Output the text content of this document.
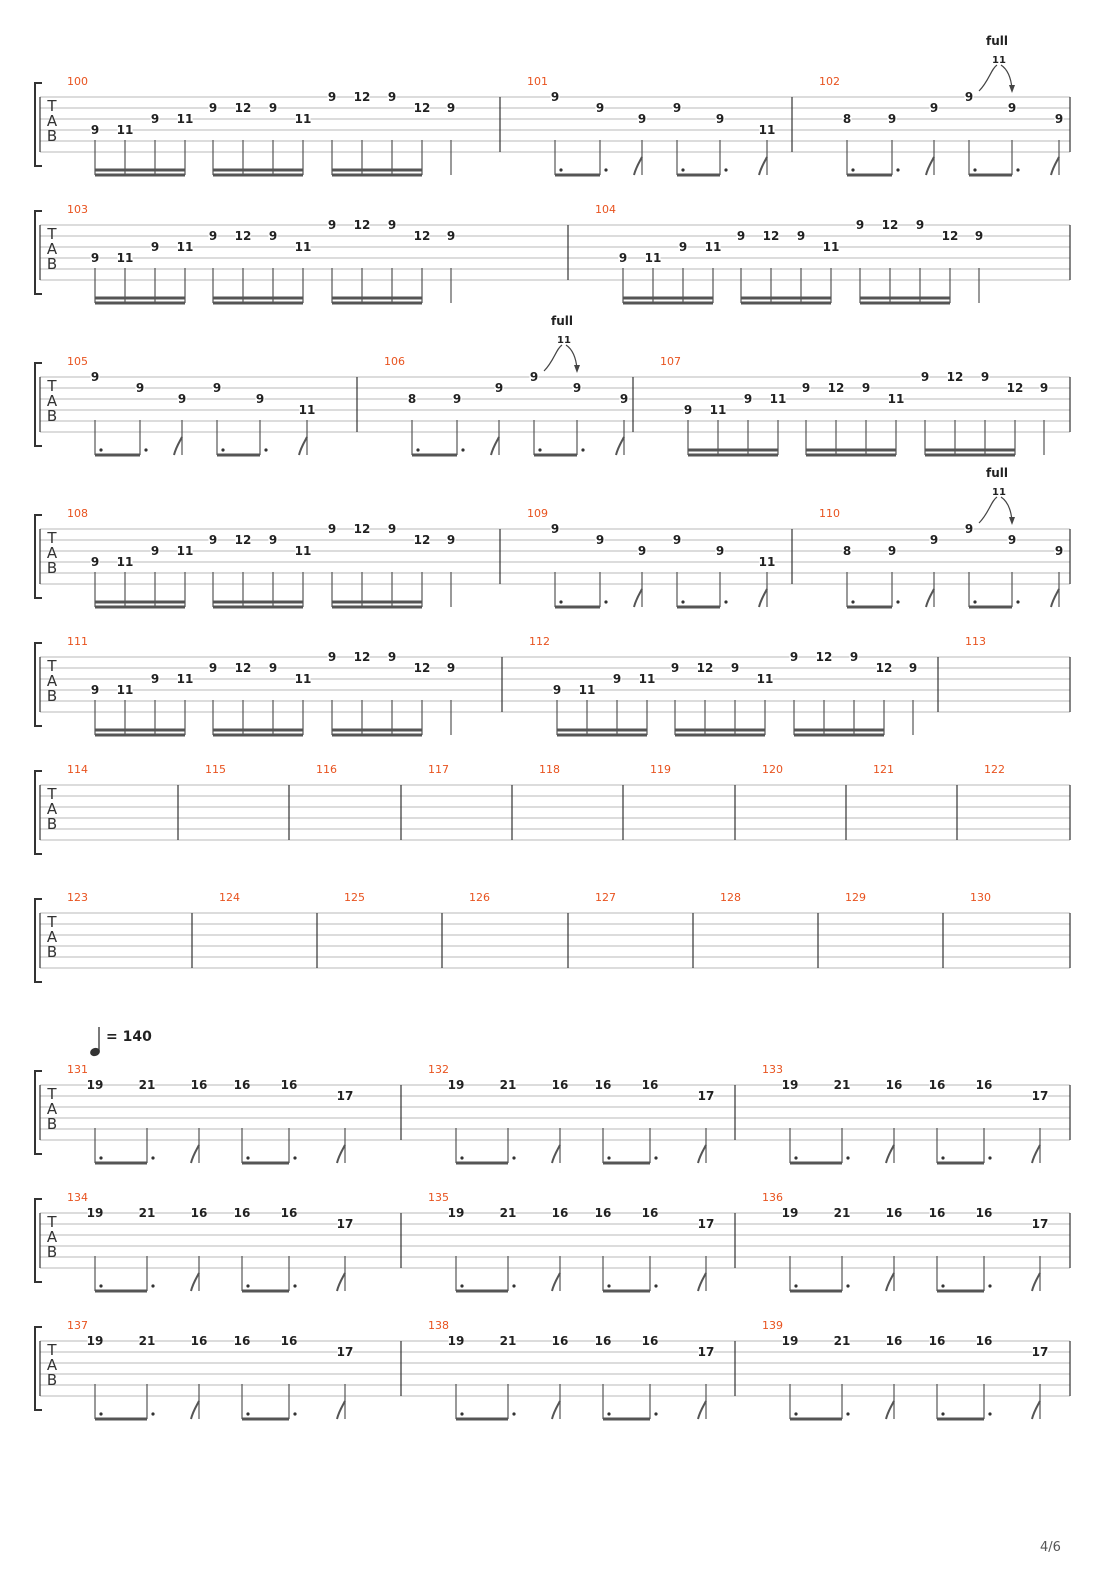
T
A
B
100
9 11
9 11
9 12 9
11
9 12 9
12 9
101
9
9
9
9
9
11
102
8	9
9
9
9
11
full
9
T
A
B
103
9 11
9 11
9 12 9
11
9 12 9
12 9
104
9 11
9 11
9 12 9
11
9 12 9
12 9
T
A
B
105
9
9
9
9
9
11
106
8	9
9
9
9
11
full
9
107
9 11
9 11
9 12 9
11
9 12 9
12 9
T
A
B
108
9 11
9 11
9 12 9
11
9 12 9
12 9
109
9
9
9
9
9
11
110
8	9
9
9
9
11
full
9
T
A
B
111
9 11
9 11
9 12 9
11
9 12 9
12 9
112
9 11
9 11
9 12 9
11
9 12 9
12 9
113
T
A
B
114	115	116	117	118	119	120	121	122
T
A
B
123	124	125	126	127	128	129	130
T
A
B
= 140
131
19	21	16 16	16
17
132
19	21	16 16	16
17
133
19	21	16 16	16
17
T
A
B
134
19	21	16 16	16
17
135
19	21	16 16	16
17
136
19	21	16 16	16
17
T
A
B
137
19	21	16 16	16
17
138
19	21	16 16	16
17
139
19	21	16 16	16
17
4/6
